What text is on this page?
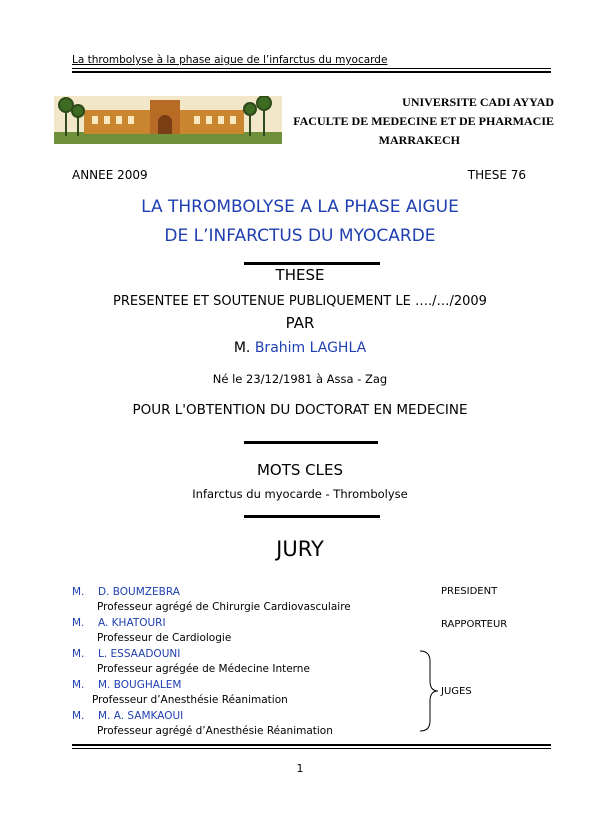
La thrombolyse à la phase aigue de l’infarctus du myocarde
UNIVERSITE CADI AYYAD
FACULTE DE MEDECINE ET DE PHARMACIE
MARRAKECH
ANNEE 2009	THESE 76
LA THROMBOLYSE A LA PHASE AIGUE
DE L’INFARCTUS DU MYOCARDE
THESE
PRESENTEE ET SOUTENUE PUBLIQUEMENT LE …./…/2009
PAR
M. Brahim LAGHLA
Né le 23/12/1981 à Assa - Zag
POUR L'OBTENTION DU DOCTORAT EN MEDECINE
MOTS CLES
Infarctus du myocarde - Thrombolyse
JURY
M. D. BOUMZEBRA
Professeur agrégé de Chirurgie Cardiovasculaire
M. A. KHATOURI
Professeur de Cardiologie
M. L. ESSAADOUNI
Professeur agrégée de Médecine Interne
M. M. BOUGHALEM
Professeur d’Anesthésie Réanimation
M. M. A. SAMKAOUI
Professeur agrégé d’Anesthésie Réanimation
PRESIDENT
RAPPORTEUR
JUGES
1
